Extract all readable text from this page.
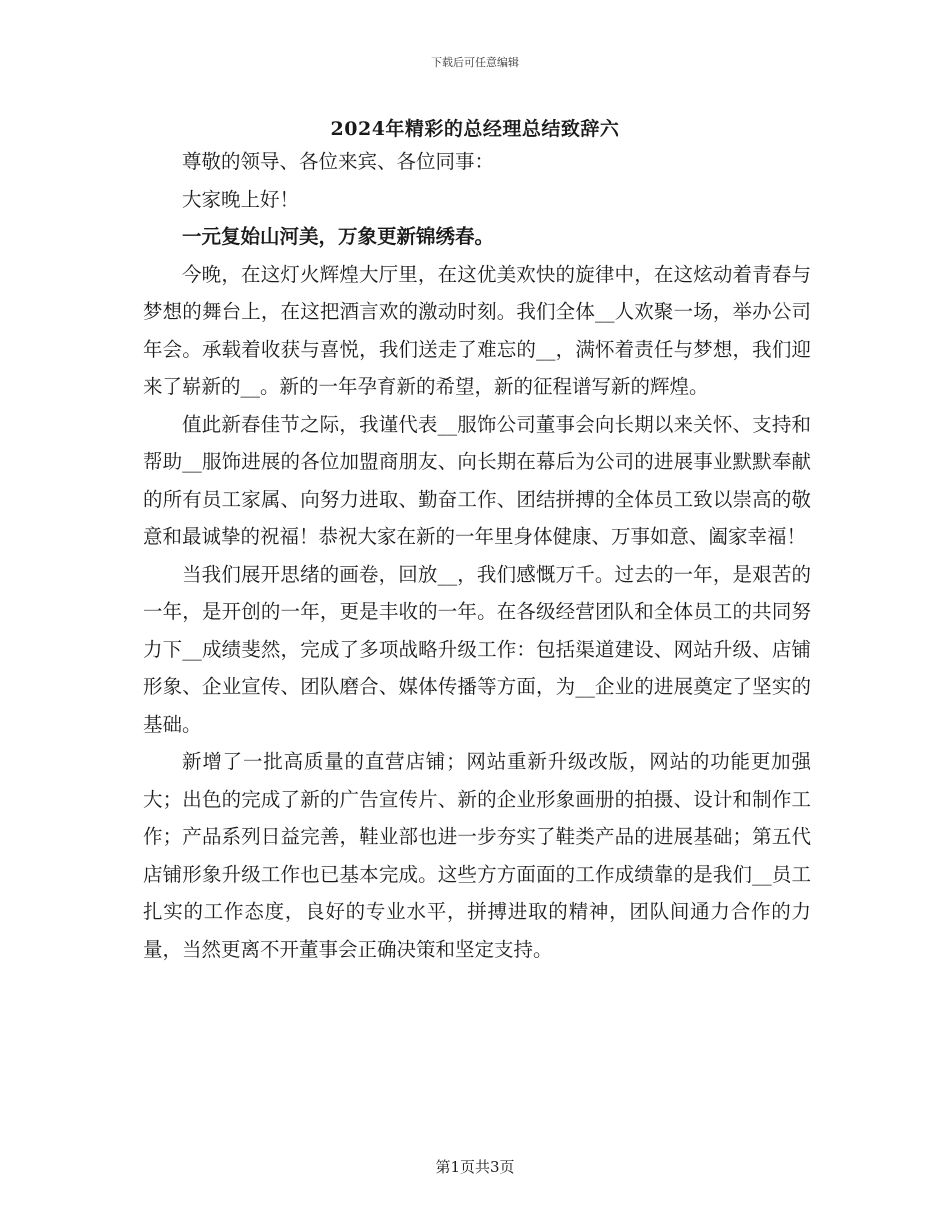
下载后可任意编辑
2024年精彩的总经理总结致辞六

尊敬的领导、各位来宾、各位同事：

大家晚上好！

一元复始山河美，万象更新锦绣春。

今晚，在这灯火辉煌大厅里，在这优美欢快的旋律中，在这炫动着青春与梦想的舞台上，在这把酒言欢的激动时刻。我们全体__人欢聚一场，举办公司年会。承载着收获与喜悦，我们送走了难忘的__，满怀着责任与梦想，我们迎来了崭新的__。新的一年孕育新的希望，新的征程谱写新的辉煌。

值此新春佳节之际，我谨代表__服饰公司董事会向长期以来关怀、支持和帮助__服饰进展的各位加盟商朋友、向长期在幕后为公司的进展事业默默奉献的所有员工家属、向努力进取、勤奋工作、团结拼搏的全体员工致以崇高的敬意和最诚挚的祝福！恭祝大家在新的一年里身体健康、万事如意、阖家幸福！

当我们展开思绪的画卷，回放__，我们感慨万千。过去的一年，是艰苦的一年，是开创的一年，更是丰收的一年。在各级经营团队和全体员工的共同努力下__成绩斐然，完成了多项战略升级工作：包括渠道建设、网站升级、店铺形象、企业宣传、团队磨合、媒体传播等方面，为__企业的进展奠定了坚实的基础。

新增了一批高质量的直营店铺；网站重新升级改版，网站的功能更加强大；出色的完成了新的广告宣传片、新的企业形象画册的拍摄、设计和制作工作；产品系列日益完善，鞋业部也进一步夯实了鞋类产品的进展基础；第五代店铺形象升级工作也已基本完成。这些方方面面的工作成绩靠的是我们__员工扎实的工作态度，良好的专业水平，拼搏进取的精神，团队间通力合作的力量，当然更离不开董事会正确决策和坚定支持。

第1页共3页
